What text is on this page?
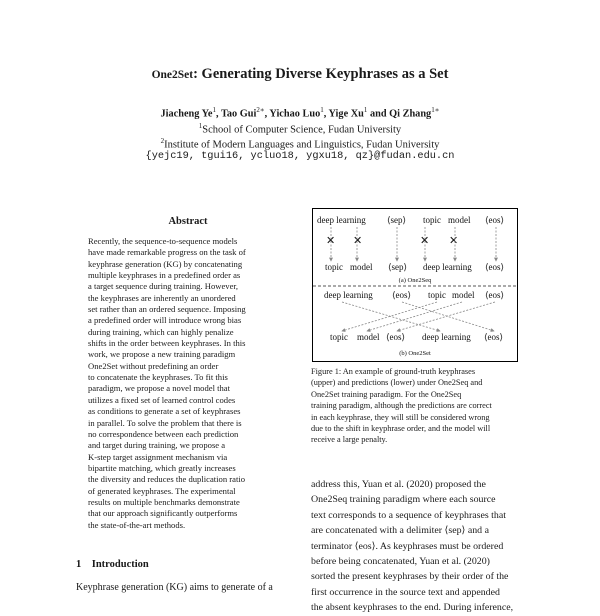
One2Set: Generating Diverse Keyphrases as a Set
Jiacheng Ye$^1$, Tao Gui$^{2∗}$, Yichao Luo$^1$, Yige Xu$^1$ and Qi Zhang$^{1∗}$
$^1$School of Computer Science, Fudan University
$^2$Institute of Modern Languages and Linguistics, Fudan University
{yejc19, tgui16, ycluo18, ygxu18, qz}@fudan.edu.cn
Abstract
Recently, the sequence-to-sequence models
have made remarkable progress on the task of
keyphrase generation (KG) by concatenating
multiple keyphrases in a predefined order as
a target sequence during training. However,
the keyphrases are inherently an unordered
set rather than an ordered sequence. Imposing
a predefined order will introduce wrong bias
during training, which can highly penalize
shifts in the order between keyphrases. In this
work, we propose a new training paradigm
One2Set without predefining an order
to concatenate the keyphrases. To fit this
paradigm, we propose a novel model that
utilizes a fixed set of learned control codes
as conditions to generate a set of keyphrases
in parallel. To solve the problem that there is
no correspondence between each prediction
and target during training, we propose a
K-step target assignment mechanism via
bipartite matching, which greatly increases
the diversity and reduces the duplication ratio
of generated keyphrases. The experimental
results on multiple benchmarks demonstrate
that our approach significantly outperforms
the state-of-the-art methods.
1 Introduction
Keyphrase generation (KG) aims to generate of a
deep learning ⟨sep⟩ topic model ⟨eos⟩
✕ ✕	✕ ✕
topic model ⟨sep⟩ deep learning ⟨eos⟩
(a) One2Seq
deep learning ⟨eos⟩ topic model ⟨eos⟩
topic model ⟨eos⟩ deep learning ⟨eos⟩
(b) One2Set
Figure 1: An example of ground-truth keyphrases
(upper) and predictions (lower) under One2Seq and
One2Set training paradigm. For the One2Seq
training paradigm, although the predictions are correct
in each keyphrase, they will still be considered wrong
due to the shift in keyphrase order, and the model will
receive a large penalty.
address this, Yuan et al. (2020) proposed the
One2Seq training paradigm where each source
text corresponds to a sequence of keyphrases that
are concatenated with a delimiter ⟨sep⟩ and a
terminator ⟨eos⟩. As keyphrases must be ordered
before being concatenated, Yuan et al. (2020)
sorted the present keyphrases by their order of the
first occurrence in the source text and appended
the absent keyphrases to the end. During inference,
